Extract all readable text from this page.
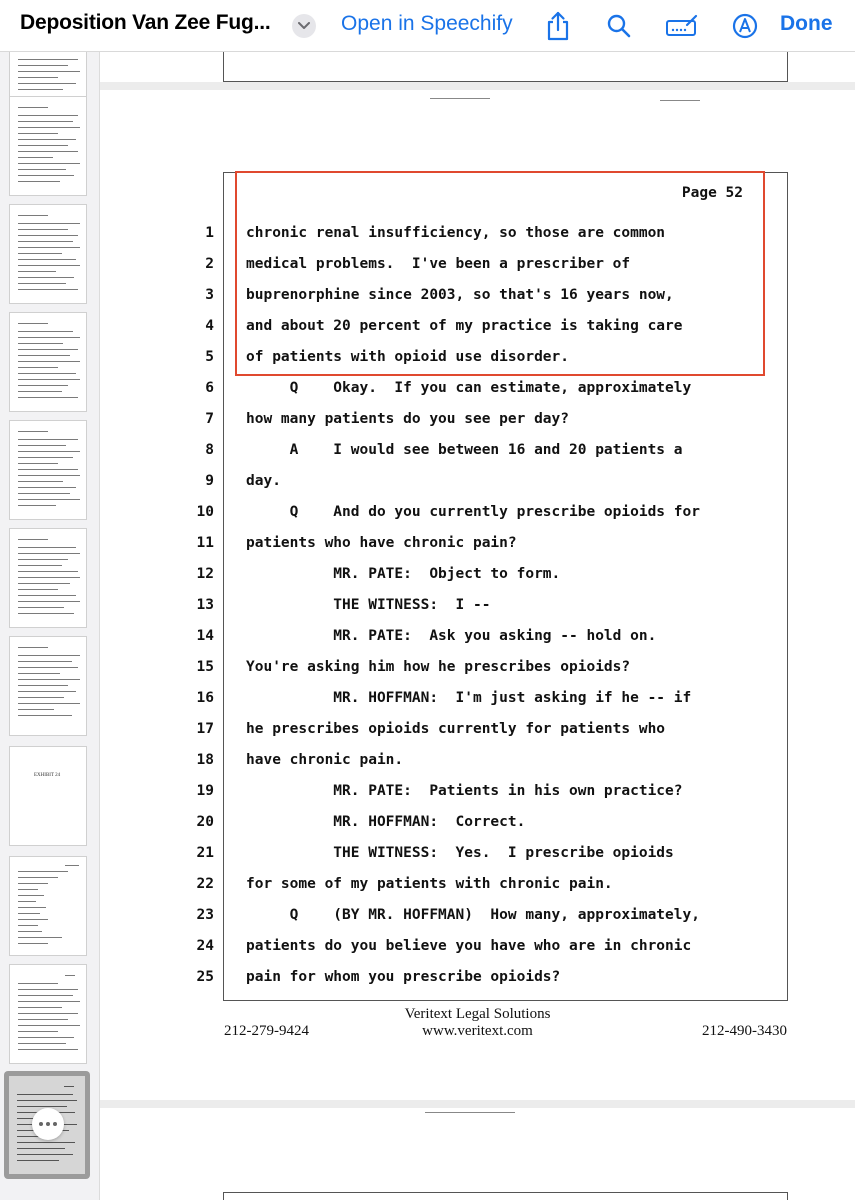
Deposition Van Zee Fug...	Open in Speechify	Done
EXHIBIT 24
Page 52
1 chronic renal insufficiency, so those are common
2 medical problems.  I've been a prescriber of
3 buprenorphine since 2003, so that's 16 years now,
4 and about 20 percent of my practice is taking care
5 of patients with opioid use disorder.
6 Q    Okay.  If you can estimate, approximately
7 how many patients do you see per day?
8 A    I would see between 16 and 20 patients a
9 day.
10 Q    And do you currently prescribe opioids for
11 patients who have chronic pain?
12 MR. PATE:  Object to form.
13 THE WITNESS:  I --
14 MR. PATE:  Ask you asking -- hold on.
15 You're asking him how he prescribes opioids?
16 MR. HOFFMAN:  I'm just asking if he -- if
17 he prescribes opioids currently for patients who
18 have chronic pain.
19 MR. PATE:  Patients in his own practice?
20 MR. HOFFMAN:  Correct.
21 THE WITNESS:  Yes.  I prescribe opioids
22 for some of my patients with chronic pain.
23 Q    (BY MR. HOFFMAN)  How many, approximately,
24 patients do you believe you have who are in chronic
25 pain for whom you prescribe opioids?
Veritext Legal Solutions
212-279-9424	www.veritext.com	212-490-3430
